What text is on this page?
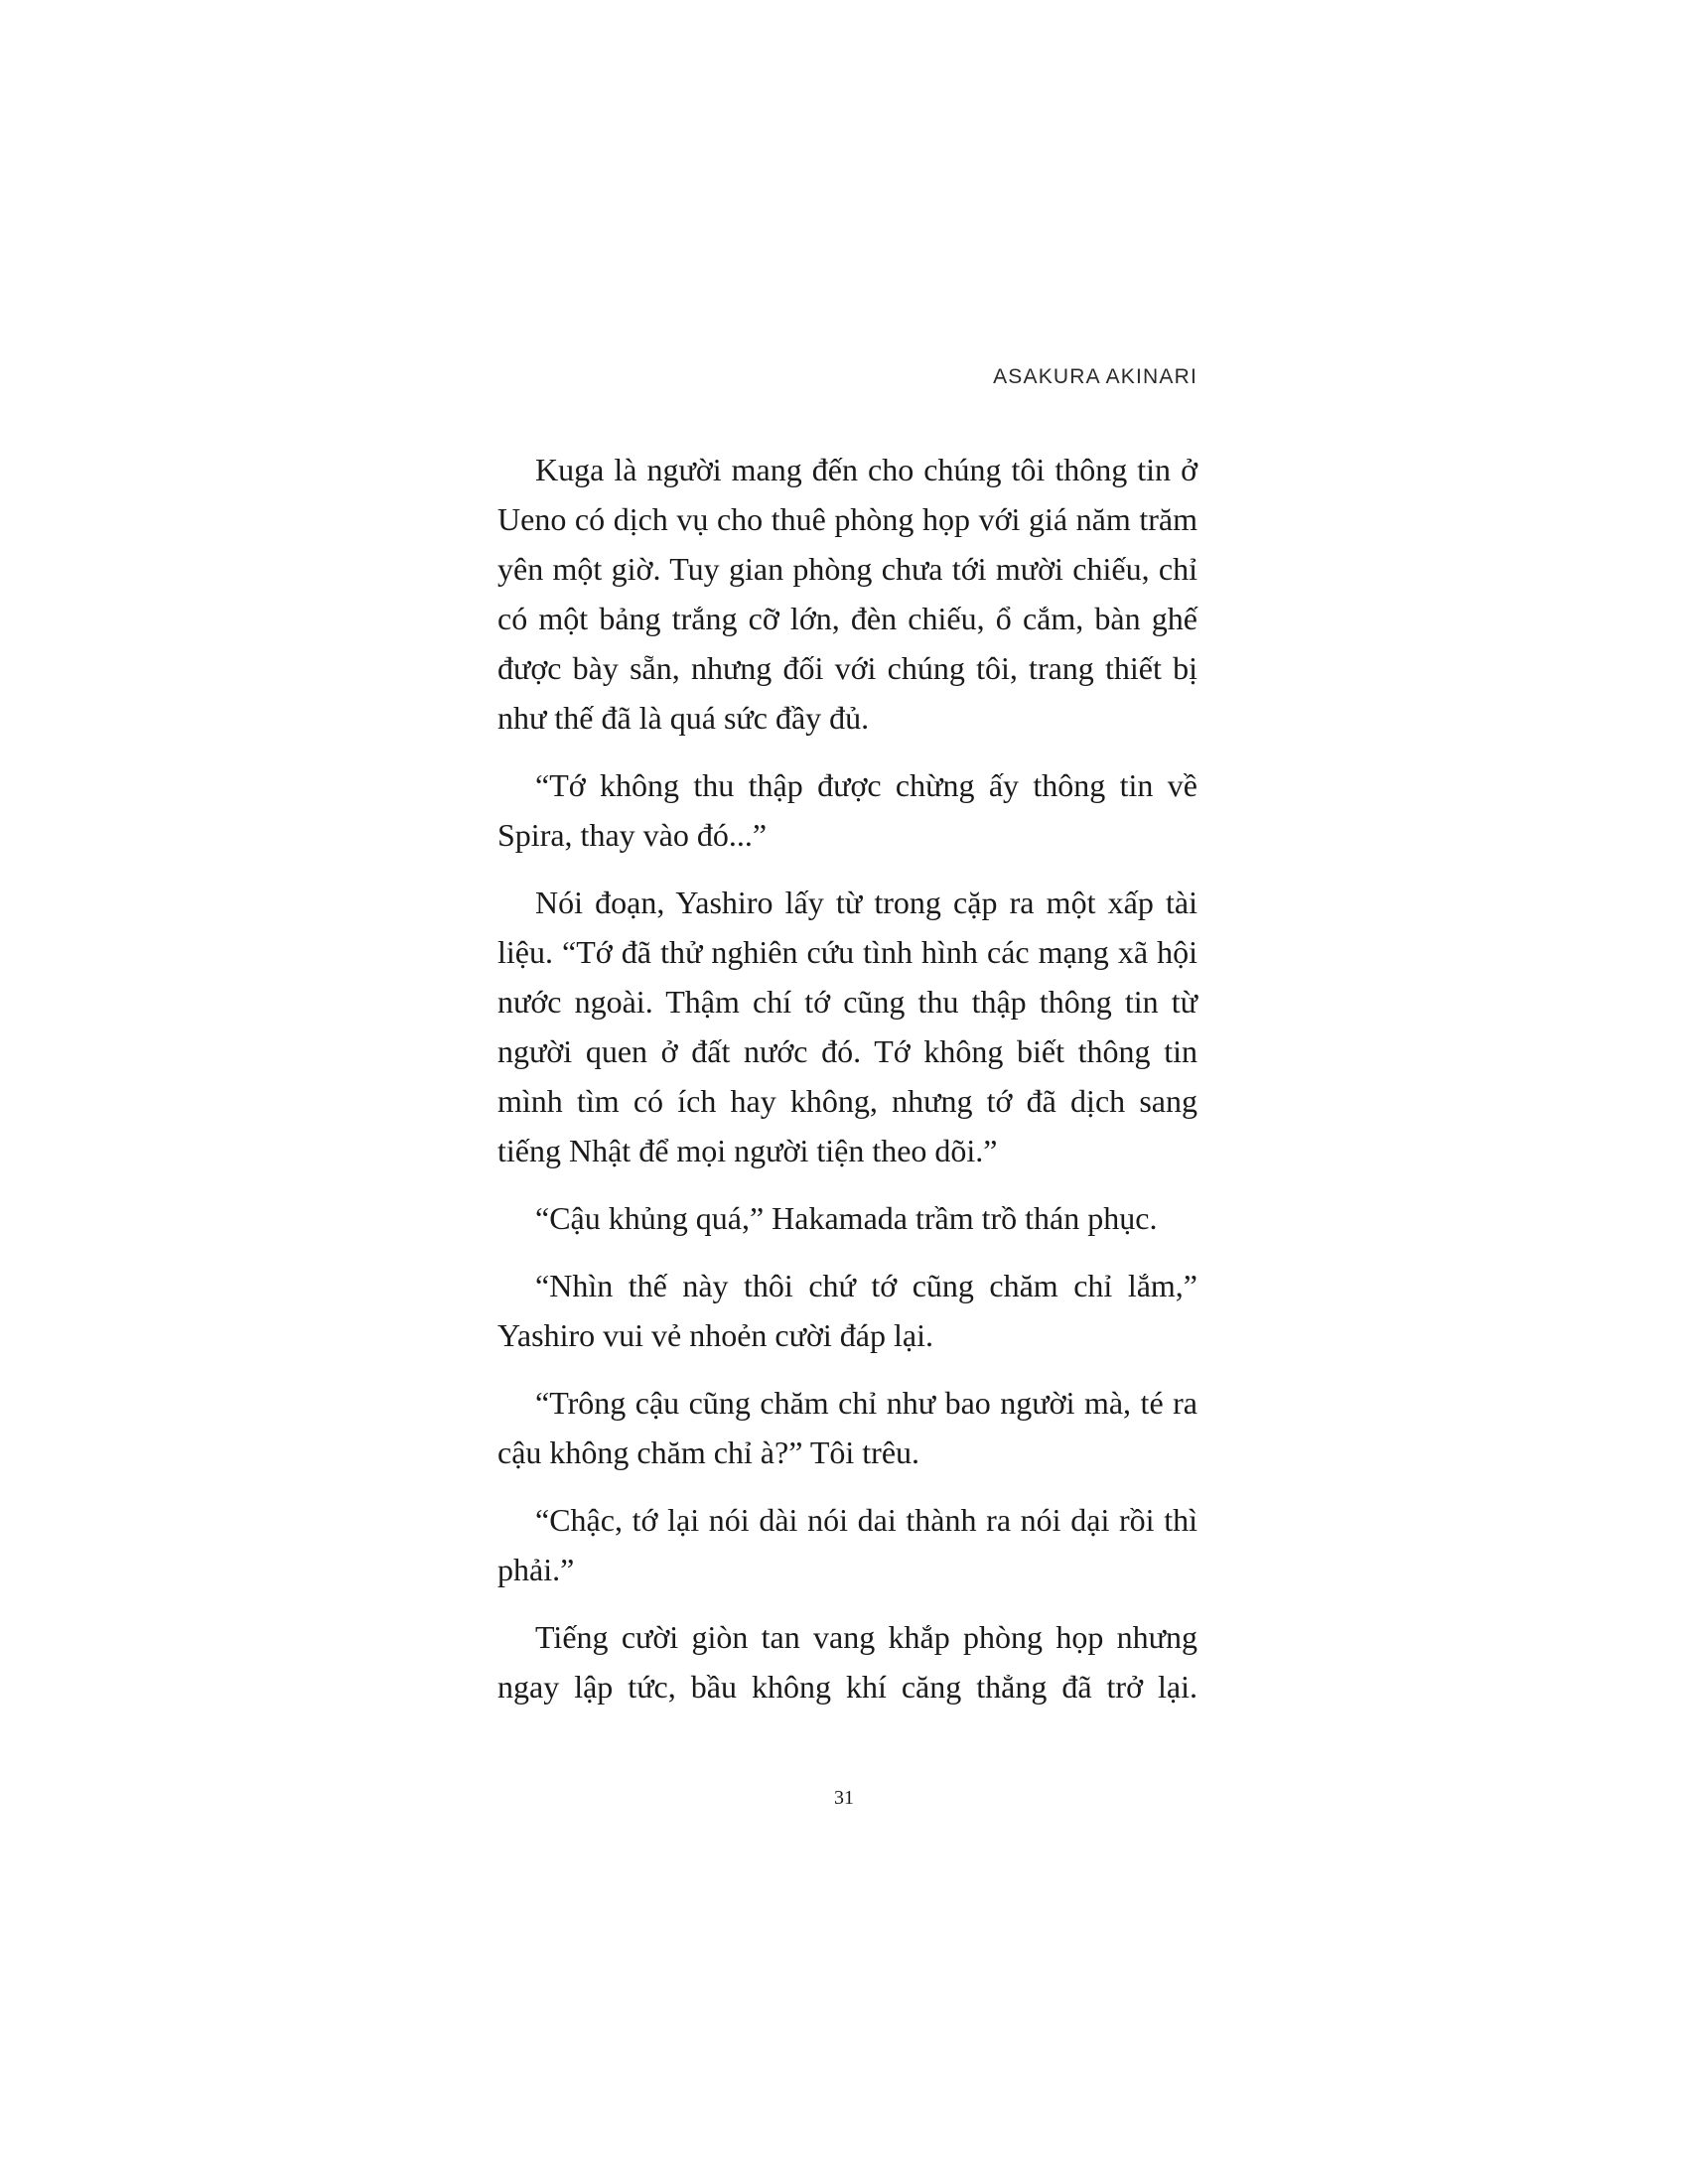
ASAKURA AKINARI

Kuga là người mang đến cho chúng tôi thông tin ở Ueno có dịch vụ cho thuê phòng họp với giá năm trăm yên một giờ. Tuy gian phòng chưa tới mười chiếu, chỉ có một bảng trắng cỡ lớn, đèn chiếu, ổ cắm, bàn ghế được bày sẵn, nhưng đối với chúng tôi, trang thiết bị như thế đã là quá sức đầy đủ.

“Tớ không thu thập được chừng ấy thông tin về Spira, thay vào đó...”

Nói đoạn, Yashiro lấy từ trong cặp ra một xấp tài liệu. “Tớ đã thử nghiên cứu tình hình các mạng xã hội nước ngoài. Thậm chí tớ cũng thu thập thông tin từ người quen ở đất nước đó. Tớ không biết thông tin mình tìm có ích hay không, nhưng tớ đã dịch sang tiếng Nhật để mọi người tiện theo dõi.”

“Cậu khủng quá,” Hakamada trầm trồ thán phục.

“Nhìn thế này thôi chứ tớ cũng chăm chỉ lắm,” Yashiro vui vẻ nhoẻn cười đáp lại.

“Trông cậu cũng chăm chỉ như bao người mà, té ra cậu không chăm chỉ à?” Tôi trêu.

“Chậc, tớ lại nói dài nói dai thành ra nói dại rồi thì phải.”

Tiếng cười giòn tan vang khắp phòng họp nhưng ngay lập tức, bầu không khí căng thẳng đã trở lại.

31
